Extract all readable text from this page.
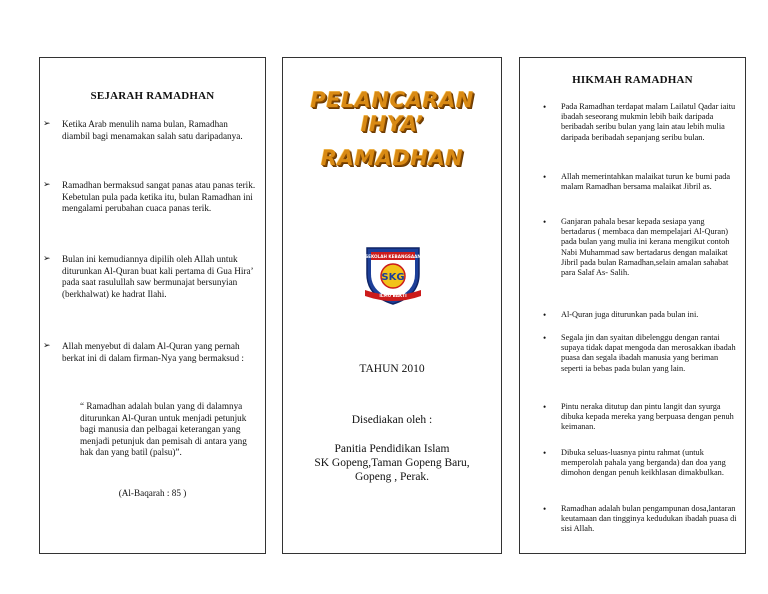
SEJARAH RAMADHAN
➢ Ketika Arab menulih nama bulan, Ramadhan diambil bagi menamakan salah satu daripadanya.
➢ Ramadhan bermaksud sangat panas atau panas terik. Kebetulan pula pada ketika itu, bulan Ramadhan ini mengalami perubahan cuaca panas terik.
➢ Bulan ini kemudiannya dipilih oleh Allah untuk diturunkan Al-Quran buat kali pertama di Gua Hira’ pada saat rasulullah saw bermunajat bersunyian (berkhalwat) ke hadrat Ilahi.
➢ Allah menyebut di dalam Al-Quran yang pernah berkat ini di dalam firman-Nya yang bermaksud :
“ Ramadhan adalah bulan yang di dalamnya diturunkan Al-Quran untuk menjadi petunjuk bagi manusia dan pelbagai keterangan yang menjadi petunjuk dan pemisah di antara yang hak dan yang batil (palsu)”.
(Al-Baqarah : 85 )
PELANCARAN IHYA’
RAMADHAN
SEKOLAH KEBANGSAAN
SKG
ILMU BAKTI
TAHUN 2010
Disediakan oleh :
Panitia Pendidikan Islam
SK Gopeng,Taman Gopeng Baru,
Gopeng , Perak.
HIKMAH RAMADHAN
• Pada Ramadhan terdapat malam Lailatul Qadar iaitu ibadah seseorang mukmin lebih baik daripada beribadah seribu bulan yang lain atau lebih mulia daripada beribadah sepanjang seribu bulan.
• Allah memerintahkan malaikat turun ke bumi pada malam Ramadhan bersama malaikat Jibril as.
• Ganjaran pahala besar kepada sesiapa yang bertadarus ( membaca dan mempelajari Al-Quran) pada bulan yang mulia ini kerana mengikut contoh Nabi Muhammad saw bertadarus dengan malaikat Jibril pada bulan Ramadhan,selain amalan sahabat para Salaf As- Salih.
• Al-Quran juga diturunkan pada bulan ini.
• Segala jin dan syaitan dibelenggu dengan rantai supaya tidak dapat mengoda dan merosakkan ibadah puasa dan segala ibadah manusia yang beriman seperti ia bebas pada bulan yang lain.
• Pintu neraka ditutup dan pintu langit dan syurga dibuka kepada mereka yang berpuasa dengan penuh keimanan.
• Dibuka seluas-luasnya pintu rahmat (untuk memperolah pahala yang berganda) dan doa yang dimohon dengan penuh keikhlasan dimakbulkan.
• Ramadhan adalah bulan pengampunan dosa,lantaran keutamaan dan tingginya kedudukan ibadah puasa di sisi Allah.
